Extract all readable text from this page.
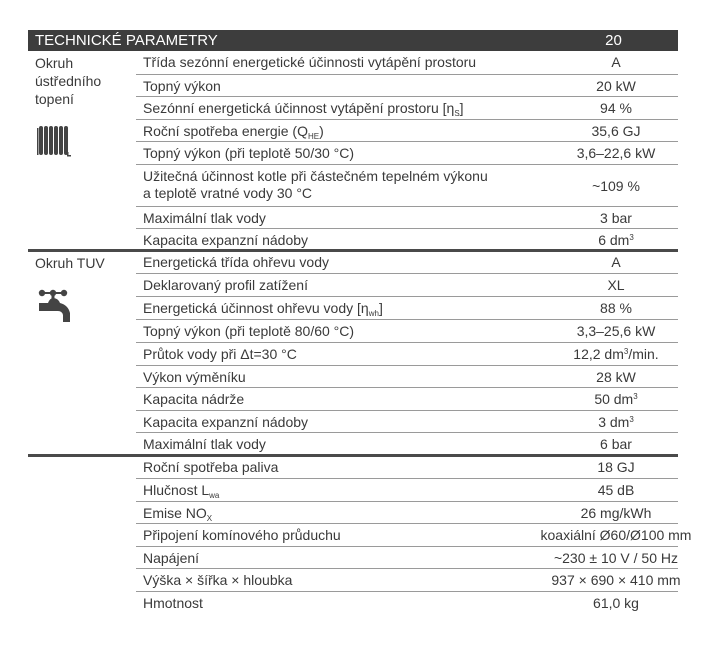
TECHNICKÉ PARAMETRY	20
Okruh
ústředního
topení
Třída sezónní energetické účinnosti vytápění prostoru	A
Topný výkon	20 kW
Sezónní energetická účinnost vytápění prostoru $[\eta_S]$	94 %
Roční spotřeba energie $(Q_{HE})$	35,6 GJ
Topný výkon (při teplotě 50/30 °C)	3,6–22,6 kW
Užitečná účinnost kotle při částečném tepelném výkonu
a teplotě vratné vody 30 °C	~109 %
Maximální tlak vody	3 bar
Kapacita expanzní nádoby	6 $dm^3$
Okruh TUV	Energetická třída ohřevu vody	A
Deklarovaný profil zatížení	XL
Energetická účinnost ohřevu vody $[\eta_{wh}]$	88 %
Topný výkon (při teplotě 80/60 °C)	3,3–25,6 kW
Průtok vody při Δt=30 °C	12,2 $dm^3/\min$.
Výkon výměníku	28 kW
Kapacita nádrže	50 $dm^3$
Kapacita expanzní nádoby	3 $dm^3$
Maximální tlak vody	6 bar
Roční spotřeba paliva	18 GJ
Hlučnost $L_{wa}$	45 dB
Emise $NO_X$	26 mg/kWh
Připojení komínového průduchu	koaxiální Ø60/Ø100 mm
Napájení	~230 ± 10 V / 50 Hz
Výška × šířka × hloubka	937 × 690 × 410 mm
Hmotnost	61,0 kg
